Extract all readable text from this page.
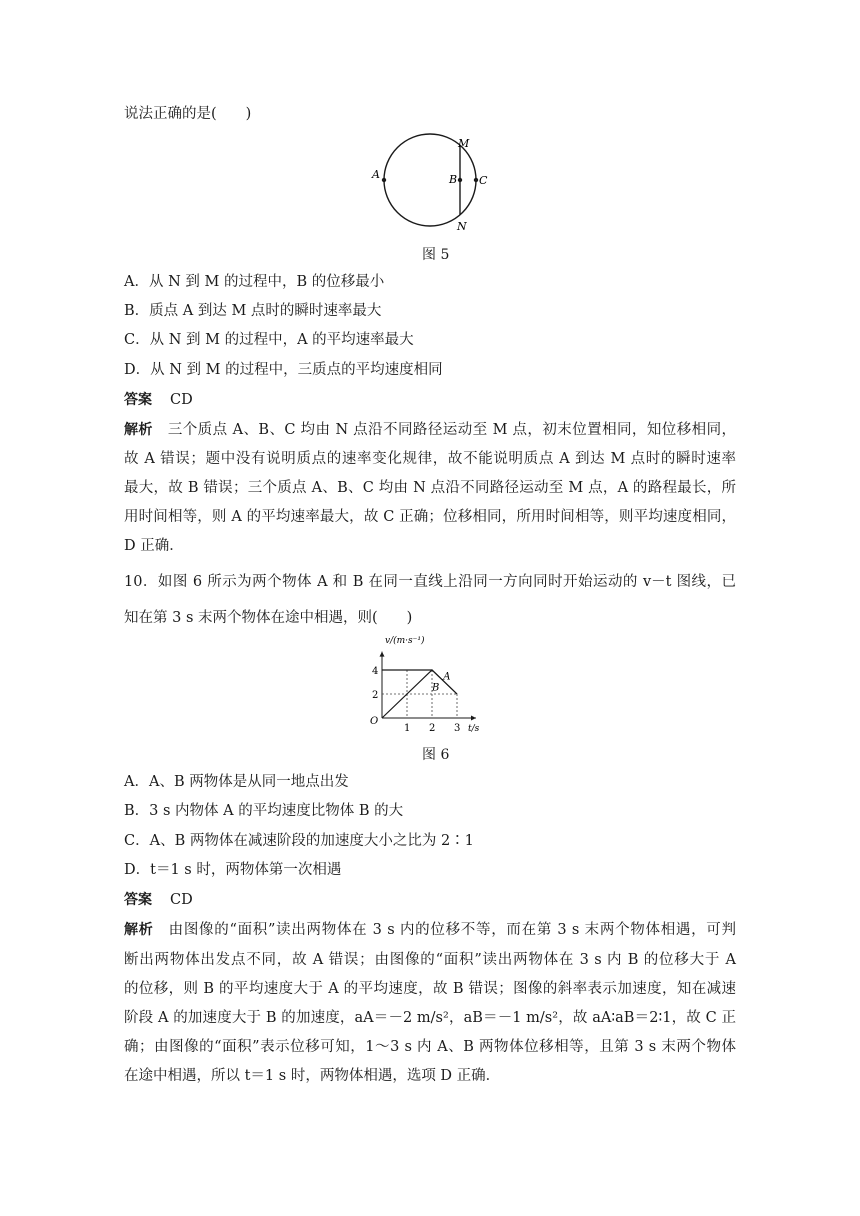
说法正确的是(　　)
M
A	B C
N
图 5
A．从 N 到 M 的过程中，B 的位移最小
B．质点 A 到达 M 点时的瞬时速率最大
C．从 N 到 M 的过程中，A 的平均速率最大
D．从 N 到 M 的过程中，三质点的平均速度相同
答案 CD
解析　 三个质点 A、B、C 均由 N 点沿不同路径运动至 M 点，初末位置相同，知位移相同，
故 A 错误；题中没有说明质点的速率变化规律，故不能说明质点 A 到达 M 点时的瞬时速率
最大，故 B 错误；三个质点 A、B、C 均由 N 点沿不同路径运动至 M 点，A 的路程最长，所
用时间相等，则 A 的平均速率最大，故 C 正确；位移相同，所用时间相等，则平均速度相同，
D 正确．
10．如图 6 所示为两个物体 A 和 B 在同一直线上沿同一方向同时开始运动的 v－t 图线，已
知在第 3 s 末两个物体在途中相遇，则(　　)
A
B
1 2 3
2
4
O
t/s
v/(m·s⁻¹)
图 6
A．A、B 两物体是从同一地点出发
B．3 s 内物体 A 的平均速度比物体 B 的大
C．A、B 两物体在减速阶段的加速度大小之比为 2∶1
D．t＝1 s 时，两物体第一次相遇
答案 CD
解析　 由图像的“面积”读出两物体在 3 s 内的位移不等，而在第 3 s 末两个物体相遇，可判
断出两物体出发点不同，故 A 错误；由图像的“面积”读出两物体在 3 s 内 B 的位移大于 A
的位移，则 B 的平均速度大于 A 的平均速度，故 B 错误；图像的斜率表示加速度，知在减速
阶段 A 的加速度大于 B 的加速度，aA＝－2 m/s²，aB＝－1 m/s²，故 aA∶aB＝2∶1，故 C 正
确；由图像的“面积”表示位移可知，1～3 s 内 A、B 两物体位移相等，且第 3 s 末两个物体
在途中相遇，所以 t＝1 s 时，两物体相遇，选项 D 正确．
